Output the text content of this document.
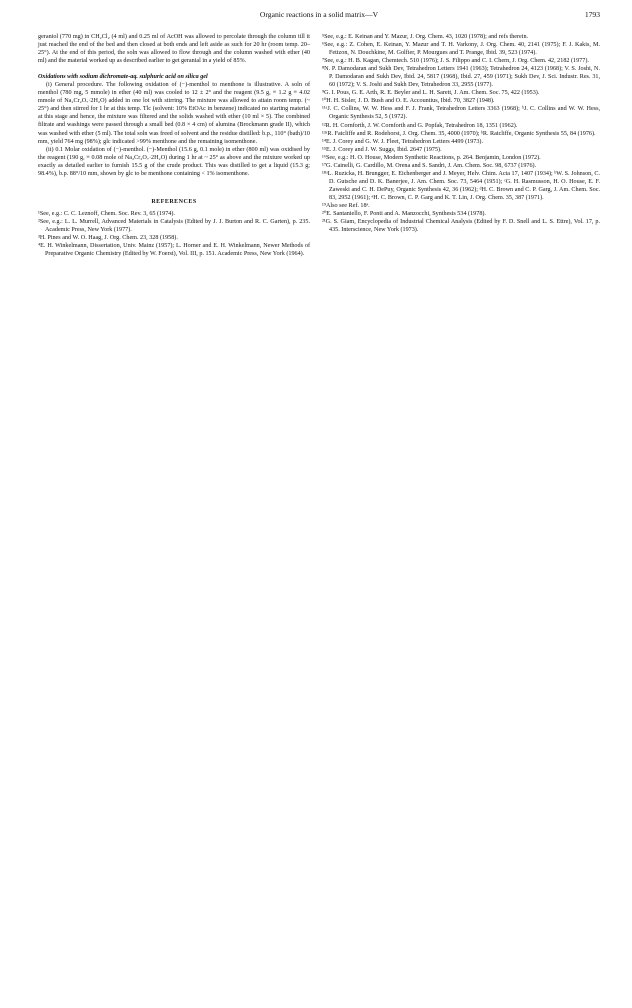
Organic reactions in a solid matrix—V	1793

geraniol (770 mg) in CH₂Cl₂ (4 ml) and 0.25 ml of AcOH was allowed to percolate through the column till it just reached the end of the bed and then closed at both ends and left aside as such for 20 hr (room temp. 20–25°). At the end of this period, the soln was allowed to flow through and the column washed with ether (40 ml) and the material worked up as described earlier to get geranial in a yield of 85%.

Oxidations with sodium dichromate-aq. sulphuric acid on silica gel

(i) General procedure. The following oxidation of (−)-menthol to menthone is illustrative. A soln of menthol (780 mg, 5 mmole) in ether (40 ml) was cooled to 12 ± 2° and the reagent (9.5 g, ≡ 1.2 g ≡ 4.02 mmole of Na₂Cr₂O₇·2H₂O) added in one lot with stirring. The mixture was allowed to attain room temp. (~ 25°) and then stirred for 1 hr at this temp. Tlc (solvent: 10% EtOAc in benzene) indicated no starting material at this stage and hence, the mixture was filtered and the solids washed with ether (10 ml × 5). The combined filtrate and washings were passed through a small bed (0.8 × 4 cm) of alumina (Brockmann grade II), which was washed with ether (5 ml). The total soln was freed of solvent and the residue distilled: b.p., 110° (bath)/10 mm, yield 764 mg (98%); glc indicated >99% menthone and the remaining isomenthone.

(ii) 0.1 Molar oxidation of (−)-menthol. (−)-Menthol (15.6 g, 0.1 mole) in ether (800 ml) was oxidised by the reagent (190 g, ≡ 0.08 mole of Na₂Cr₂O₇·2H₂O) during 1 hr at ~ 25° as above and the mixture worked up exactly as detailed earlier to furnish 15.5 g of the crude product. This was distilled to get a liquid (15.3 g; 98.4%), b.p. 88°/10 mm, shown by glc to be menthone containing < 1% isomenthone.

REFERENCES

¹See, e.g.: C. C. Leznoff, Chem. Soc. Rev. 3, 65 (1974).

²See, e.g.: L. L. Murrell, Advanced Materials in Catalysis (Edited by J. J. Burton and R. C. Garten), p. 235. Academic Press, New York (1977).

³H. Pines and W. O. Haag, J. Org. Chem. 23, 328 (1958).

⁴E. H. Winkelmann, Dissertation, Univ. Mainz (1957); L. Horner and E. H. Winkelmann, Newer Methods of Preparative Organic Chemistry (Edited by W. Foerst), Vol. III, p. 151. Academic Press, New York (1964).

⁵See, e.g.: E. Keinan and Y. Mazur, J. Org. Chem. 43, 1020 (1978); and refs therein.

⁶See, e.g.: Z. Cohen, E. Keinan, Y. Mazur and T. H. Varkony, J. Org. Chem. 40, 2141 (1975); F. J. Kakis, M. Fetizon, N. Douchkine, M. Golfier, P. Mourgues and T. Prange, Ibid. 39, 523 (1974).

⁷See, e.g.: H. B. Kagan, Chemtech. 510 (1976); J. S. Filippo and C. I. Chern, J. Org. Chem. 42, 2182 (1977).

⁸N. P. Damodaran and Sukh Dev, Tetrahedron Letters 1941 (1963); Tetrahedron 24, 4123 (1968); V. S. Joshi, N. P. Damodaran and Sukh Dev, Ibid. 24, 5817 (1968), Ibid. 27, 459 (1971); Sukh Dev, J. Sci. Industr. Res. 31, 60 (1972); V. S. Joshi and Sukh Dev, Tetrahedron 33, 2955 (1977).

⁹G. I. Pous, G. E. Arth, R. E. Beyler and L. H. Sarett, J. Am. Chem. Soc. 75, 422 (1953).

¹⁰H. H. Sisler, J. D. Bush and O. E. Accountius, Ibid. 70, 3827 (1948).

¹¹ᵃJ. C. Collins, W. W. Hess and F. J. Frank, Tetrahedron Letters 3363 (1968); ᵇJ. C. Collins and W. W. Hess, Organic Synthesis 52, 5 (1972).

¹²R. H. Cornforth, J. W. Cornforth and G. Popfak, Tetrahedron 18, 1351 (1962).

¹³ᵃR. Fatcliffe and R. Rodehorst, J. Org. Chem. 35, 4000 (1970); ᵇR. Ratcliffe, Organic Synthesis 55, 84 (1976).

¹⁴E. J. Corey and G. W. J. Fleet, Tetrahedron Letters 4499 (1973).

¹⁵E. J. Corey and J. W. Suggs, Ibid. 2647 (1975).

¹⁶See, e.g.: H. O. House, Modern Synthetic Reactions, p. 264. Benjamin, London (1972).

¹⁷G. Cainelli, G. Cardillo, M. Orena and S. Sandri, J. Am. Chem. Soc. 98, 6737 (1976).

¹⁸ᵃL. Ruzicka, H. Brungger, E. Eichenberger and J. Meyer, Helv. Chim. Acta 17, 1407 (1934); ᵇW. S. Johnson, C. D. Gutsche and D. K. Banerjee, J. Am. Chem. Soc. 73, 5464 (1951); ᶜG. H. Rasmusson, H. O. House, E. F. Zaweski and C. H. DePuy, Organic Synthesis 42, 36 (1962); ᵈH. C. Brown and C. P. Garg, J. Am. Chem. Soc. 83, 2952 (1961); ᵉH. C. Brown, C. P. Garg and K. T. Lin, J. Org. Chem. 35, 387 (1971).

¹⁹Also see Ref. 18ᵉ.

²⁰E. Santaniello, F. Ponti and A. Manzocchi, Synthesis 534 (1978).

²¹G. S. Giam, Encyclopedia of Industrial Chemical Analysis (Edited by F. D. Snell and L. S. Ettre), Vol. 17, p. 435. Interscience, New York (1973).
